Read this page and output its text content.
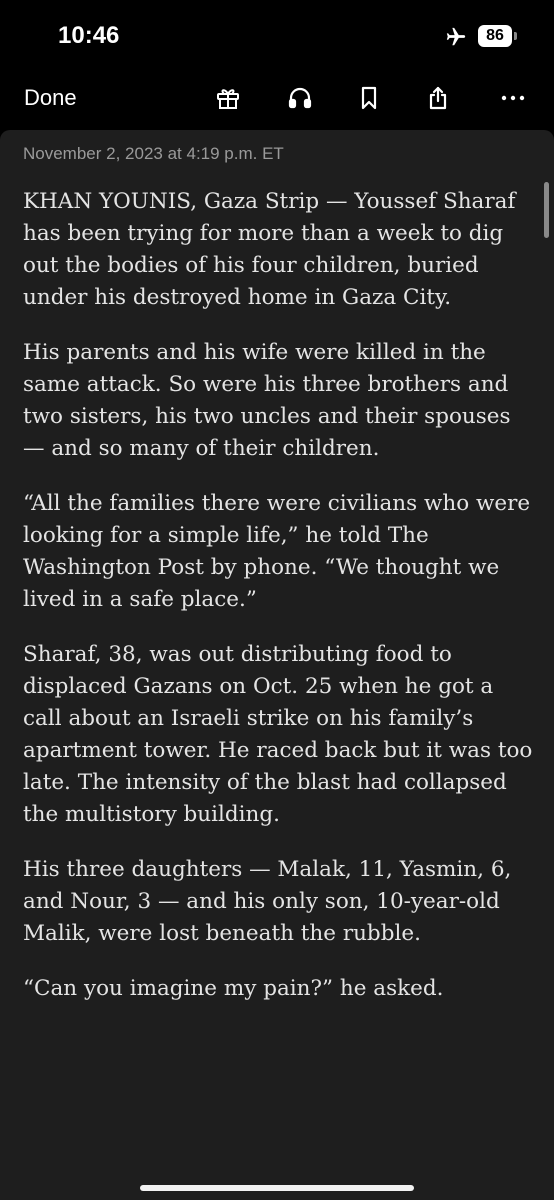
10:46	86
Done
November 2, 2023 at 4:19 p.m. ET

KHAN YOUNIS, Gaza Strip — Youssef Sharaf has been trying for more than a week to dig out the bodies of his four children, buried under his destroyed home in Gaza City.

His parents and his wife were killed in the same attack. So were his three brothers and two sisters, his two uncles and their spouses — and so many of their children.

“All the families there were civilians who were looking for a simple life,” he told The Washington Post by phone. “We thought we lived in a safe place.”

Sharaf, 38, was out distributing food to displaced Gazans on Oct. 25 when he got a call about an Israeli strike on his family’s apartment tower. He raced back but it was too late. The intensity of the blast had collapsed the multistory building.

His three daughters — Malak, 11, Yasmin, 6, and Nour, 3 — and his only son, 10-year-old Malik, were lost beneath the rubble.

“Can you imagine my pain?” he asked.
